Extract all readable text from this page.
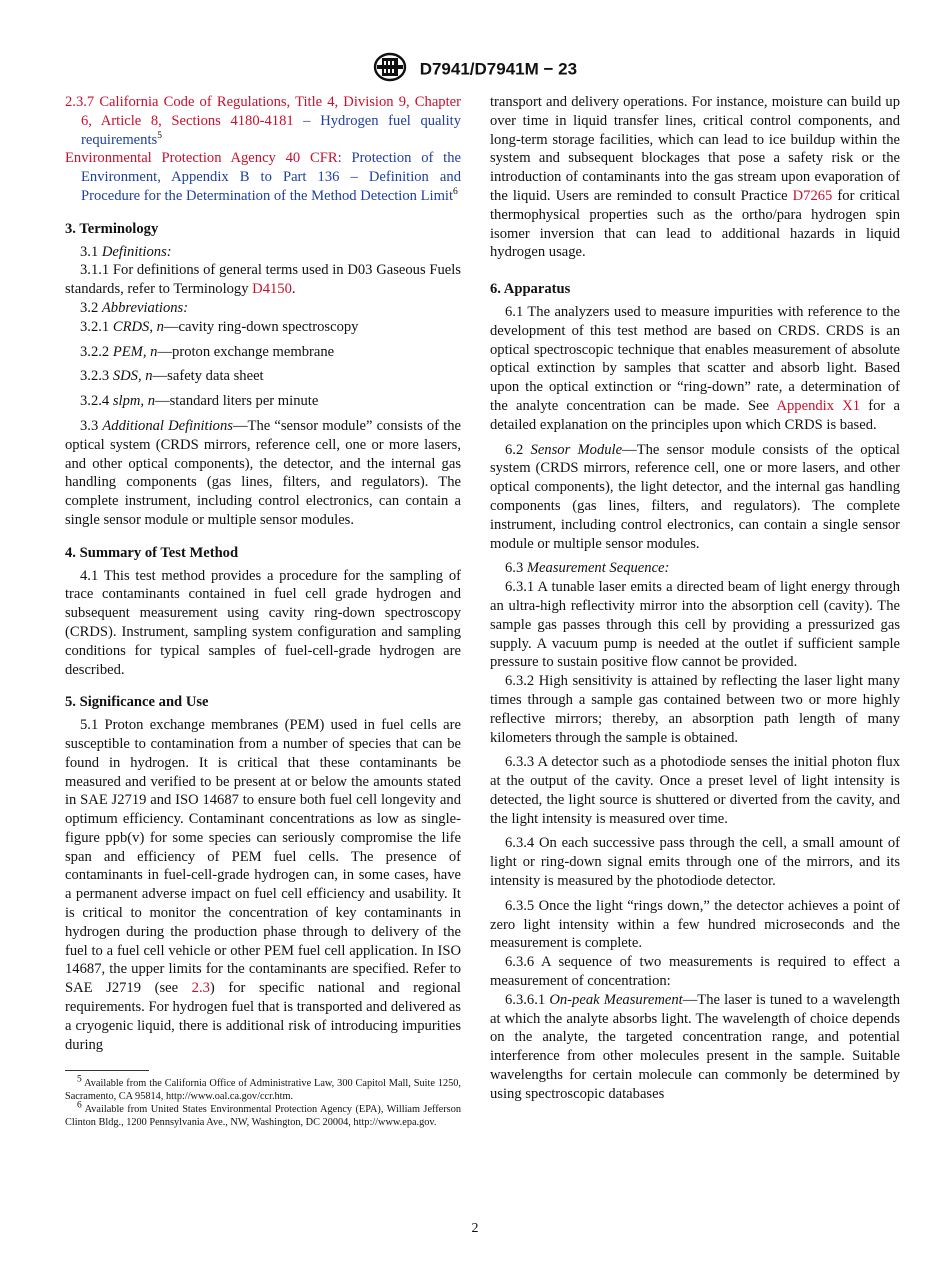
D7941/D7941M − 23

2.3.7 California Code of Regulations, Title 4, Division 9, Chapter 6, Article 8, Sections 4180-4181 – Hydrogen fuel quality requirements$^5$

Environmental Protection Agency 40 CFR: Protection of the Environment, Appendix B to Part 136 – Definition and Procedure for the Determination of the Method Detection Limit$^6$

3. Terminology

3.1 Definitions:

3.1.1 For definitions of general terms used in D03 Gaseous Fuels standards, refer to Terminology D4150.

3.2 Abbreviations:

3.2.1 CRDS, n—cavity ring-down spectroscopy

3.2.2 PEM, n—proton exchange membrane

3.2.3 SDS, n—safety data sheet

3.2.4 slpm, n—standard liters per minute

3.3 Additional Definitions—The “sensor module” consists of the optical system (CRDS mirrors, reference cell, one or more lasers, and other optical components), the detector, and the internal gas handling components (gas lines, filters, and regulators). The complete instrument, including control electronics, can contain a single sensor module or multiple sensor modules.

4. Summary of Test Method

4.1 This test method provides a procedure for the sampling of trace contaminants contained in fuel cell grade hydrogen and subsequent measurement using cavity ring-down spectroscopy (CRDS). Instrument, sampling system configuration and sampling conditions for typical samples of fuel-cell-grade hydrogen are described.

5. Significance and Use

5.1 Proton exchange membranes (PEM) used in fuel cells are susceptible to contamination from a number of species that can be found in hydrogen. It is critical that these contaminants be measured and verified to be present at or below the amounts stated in SAE J2719 and ISO 14687 to ensure both fuel cell longevity and optimum efficiency. Contaminant concentrations as low as single-figure ppb(v) for some species can seriously compromise the life span and efficiency of PEM fuel cells. The presence of contaminants in fuel-cell-grade hydrogen can, in some cases, have a permanent adverse impact on fuel cell efficiency and usability. It is critical to monitor the concentration of key contaminants in hydrogen during the production phase through to delivery of the fuel to a fuel cell vehicle or other PEM fuel cell application. In ISO 14687, the upper limits for the contaminants are specified. Refer to SAE J2719 (see 2.3) for specific national and regional requirements. For hydrogen fuel that is transported and delivered as a cryogenic liquid, there is additional risk of introducing impurities during

5 Available from the California Office of Administrative Law, 300 Capitol Mall, Suite 1250, Sacramento, CA 95814, http://www.oal.ca.gov/ccr.htm.

6 Available from United States Environmental Protection Agency (EPA), William Jefferson Clinton Bldg., 1200 Pennsylvania Ave., NW, Washington, DC 20004, http://www.epa.gov.

transport and delivery operations. For instance, moisture can build up over time in liquid transfer lines, critical control components, and long-term storage facilities, which can lead to ice buildup within the system and subsequent blockages that pose a safety risk or the introduction of contaminants into the gas stream upon evaporation of the liquid. Users are reminded to consult Practice D7265 for critical thermophysical properties such as the ortho/para hydrogen spin isomer inversion that can lead to additional hazards in liquid hydrogen usage.

6. Apparatus

6.1 The analyzers used to measure impurities with reference to the development of this test method are based on CRDS. CRDS is an optical spectroscopic technique that enables measurement of absolute optical extinction by samples that scatter and absorb light. Based upon the optical extinction or “ring-down” rate, a determination of the analyte concentration can be made. See Appendix X1 for a detailed explanation on the principles upon which CRDS is based.

6.2 Sensor Module—The sensor module consists of the optical system (CRDS mirrors, reference cell, one or more lasers, and other optical components), the light detector, and the internal gas handling components (gas lines, filters, and regulators). The complete instrument, including control electronics, can contain a single sensor module or multiple sensor modules.

6.3 Measurement Sequence:

6.3.1 A tunable laser emits a directed beam of light energy through an ultra-high reflectivity mirror into the absorption cell (cavity). The sample gas passes through this cell by providing a pressurized gas supply. A vacuum pump is needed at the outlet if sufficient sample pressure to sustain positive flow cannot be provided.

6.3.2 High sensitivity is attained by reflecting the laser light many times through a sample gas contained between two or more highly reflective mirrors; thereby, an absorption path length of many kilometers through the sample is obtained.

6.3.3 A detector such as a photodiode senses the initial photon flux at the output of the cavity. Once a preset level of light intensity is detected, the light source is shuttered or diverted from the cavity, and the light intensity is measured over time.

6.3.4 On each successive pass through the cell, a small amount of light or ring-down signal emits through one of the mirrors, and its intensity is measured by the photodiode detector.

6.3.5 Once the light “rings down,” the detector achieves a point of zero light intensity within a few hundred microseconds and the measurement is complete.

6.3.6 A sequence of two measurements is required to effect a measurement of concentration:

6.3.6.1 On-peak Measurement—The laser is tuned to a wavelength at which the analyte absorbs light. The wavelength of choice depends on the analyte, the targeted concentration range, and potential interference from other molecules present in the sample. Suitable wavelengths for certain molecule can commonly be determined by using spectroscopic databases

2
